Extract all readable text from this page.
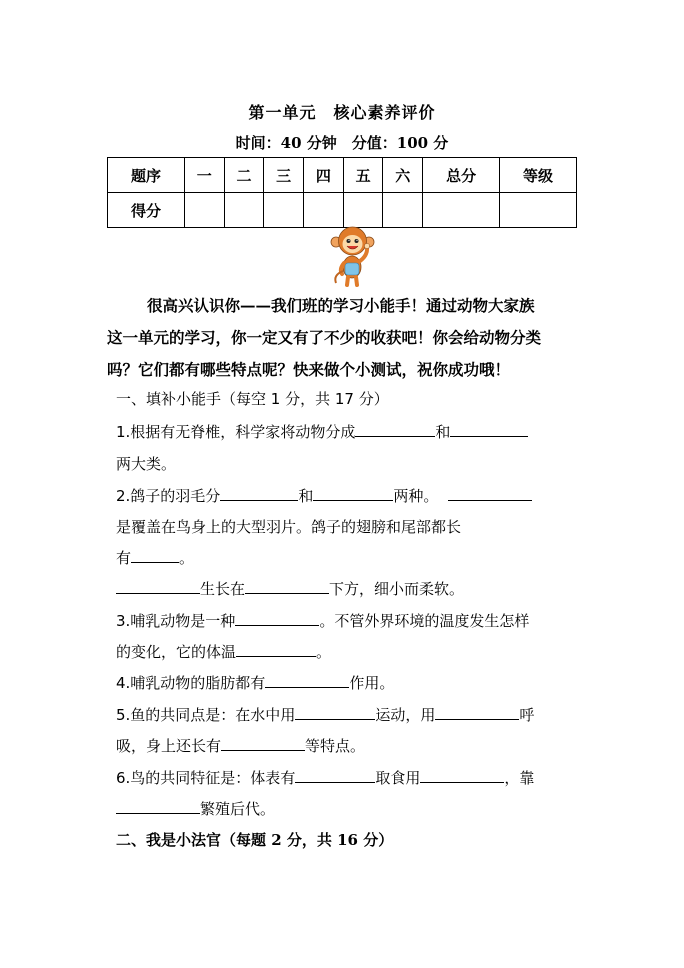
第一单元　核心素养评价
时间：40 分钟　分值：100 分
题序	一	二	三	四	五	六	总分	等级
得分								
很高兴认识你——我们班的学习小能手！通过动物大家族
这一单元的学习，你一定又有了不少的收获吧！你会给动物分类
吗？它们都有哪些特点呢？快来做个小测试，祝你成功哦！
一、填补小能手（每空 1 分，共 17 分）
1.根据有无脊椎，科学家将动物分成	和
两大类。
2.鸽子的羽毛分	和	两种。
是覆盖在鸟身上的大型羽片。鸽子的翅膀和尾部都长
有	。
生长在	下方，细小而柔软。
3.哺乳动物是一种	。不管外界环境的温度发生怎样
的变化，它的体温	。
4.哺乳动物的脂肪都有	作用。
5.鱼的共同点是：在水中用	运动，用	呼
吸，身上还长有	等特点。
6.鸟的共同特征是：体表有	取食用	，靠
繁殖后代。
二、我是小法官（每题 2 分，共 16 分）
